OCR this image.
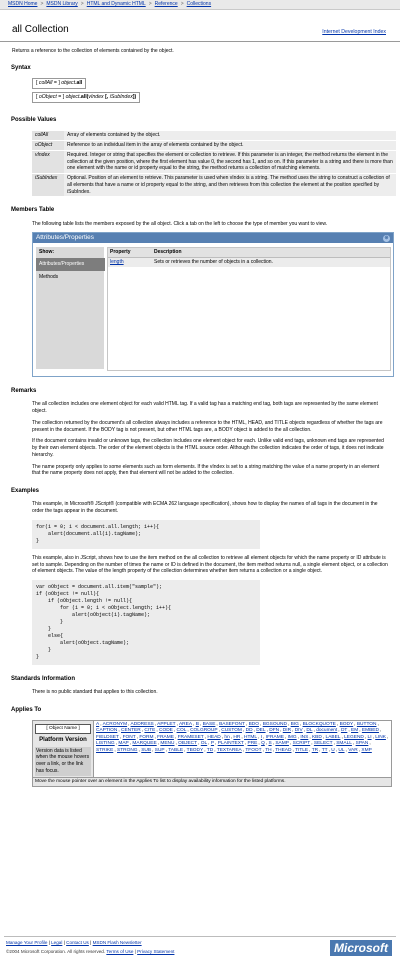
MSDN Home > MSDN Library > HTML and Dynamic HTML > Reference > Collections
all Collection	Internet Development Index

Returns a reference to the collection of elements contained by the object.

Syntax
[ collAll = ] object.all
[ oObject = ] object.all(vIndex [, iSubIndex])
Possible Values
collAll	Array of elements contained by the object.
oObject	Reference to an individual item in the array of elements contained by the object.
vIndex	Required. Integer or string that specifies the element or collection to retrieve. If this parameter is an integer, the method returns the element in the collection at the given position, where the first element has value 0, the second has 1, and so on. If this parameter is a string and there is more than one element with the name or id property equal to the string, the method returns a collection of matching elements.
iSubIndex	Optional. Position of an element to retrieve. This parameter is used when vIndex is a string. The method uses the string to construct a collection of all elements that have a name or id property equal to the string, and then retrieves from this collection the element at the position specified by iSubIndex.
Members Table

The following table lists the members exposed by the all object. Click a tab on the left to choose the type of member you want to view.

Attributes/Properties	⊕
Show:
Attributes/Properties
Methods
Property	Description
length	Sets or retrieves the number of objects in a collection.
Remarks

The all collection includes one element object for each valid HTML tag. If a valid tag has a matching end tag, both tags are represented by the same element object.

The collection returned by the document's all collection always includes a reference to the HTML, HEAD, and TITLE objects regardless of whether the tags are present in the document. If the BODY tag is not present, but other HTML tags are, a BODY object is added to the all collection.

If the document contains invalid or unknown tags, the collection includes one element object for each. Unlike valid end tags, unknown end tags are represented by their own element objects. The order of the element objects is the HTML source order. Although the collection indicates the order of tags, it does not indicate hierarchy.

The name property only applies to some elements such as form elements. If the vIndex is set to a string matching the value of a name property in an element that the name property does not apply, then that element will not be added to the collection.

Examples

This example, in Microsoft® JScript® (compatible with ECMA 262 language specification), shows how to display the names of all tags in the document in the order the tags appear in the document.

for(i = 0; i < document.all.length; i++){
alert(document.all(i).tagName);
}

This example, also in JScript, shows how to use the item method on the all collection to retrieve all element objects for which the name property or ID attribute is set to sample. Depending on the number of times the name or ID is defined in the document, the item method returns null, a single element object, or a collection of element objects. The value of the length property of the collection determines whether item returns a collection or a single object.

var oObject = document.all.item("sample");
if (oObject != null){
if (oObject.length != null){
for (i = 0; i < oObject.length; i++){
alert(oObject(i).tagName);
}
}
else{
alert(oObject.tagName);
}
}
Standards Information

There is no public standard that applies to this collection.

Applies To
[ Object Name ]
Platform Version
Version data is listed when the mouse hovers over a link, or the link has focus.
	A, ACRONYM, ADDRESS, APPLET, AREA, B, BASE, BASEFONT, BDO, BGSOUND, BIG, BLOCKQUOTE, BODY, BUTTON, CAPTION, CENTER, CITE, CODE, COL, COLGROUP, CUSTOM, DD, DEL, DFN, DIR, DIV, DL, document, DT, EM, EMBED, FIELDSET, FONT, FORM, FRAME, FRAMESET, HEAD, hn, HR, HTML, I, IFRAME, IMG, INS, KBD, LABEL, LEGEND, LI, LINK, LISTING, MAP, MARQUEE, MENU, OBJECT, OL, P, PLAINTEXT, PRE, Q, S, SAMP, SCRIPT, SELECT, SMALL, SPAN, STRIKE, STRONG, SUB, SUP, TABLE, TBODY, TD, TEXTAREA, TFOOT, TH, THEAD, TITLE, TR, TT, U, UL, VAR, XMP
Move the mouse pointer over an element in the Applies To list to display availability information for the listed platforms.
Manage Your Profile | Legal | Contact Us | MSDN Flash Newsletter
©2004 Microsoft Corporation. All rights reserved. Terms of Use | Privacy Statement	Microsoft
